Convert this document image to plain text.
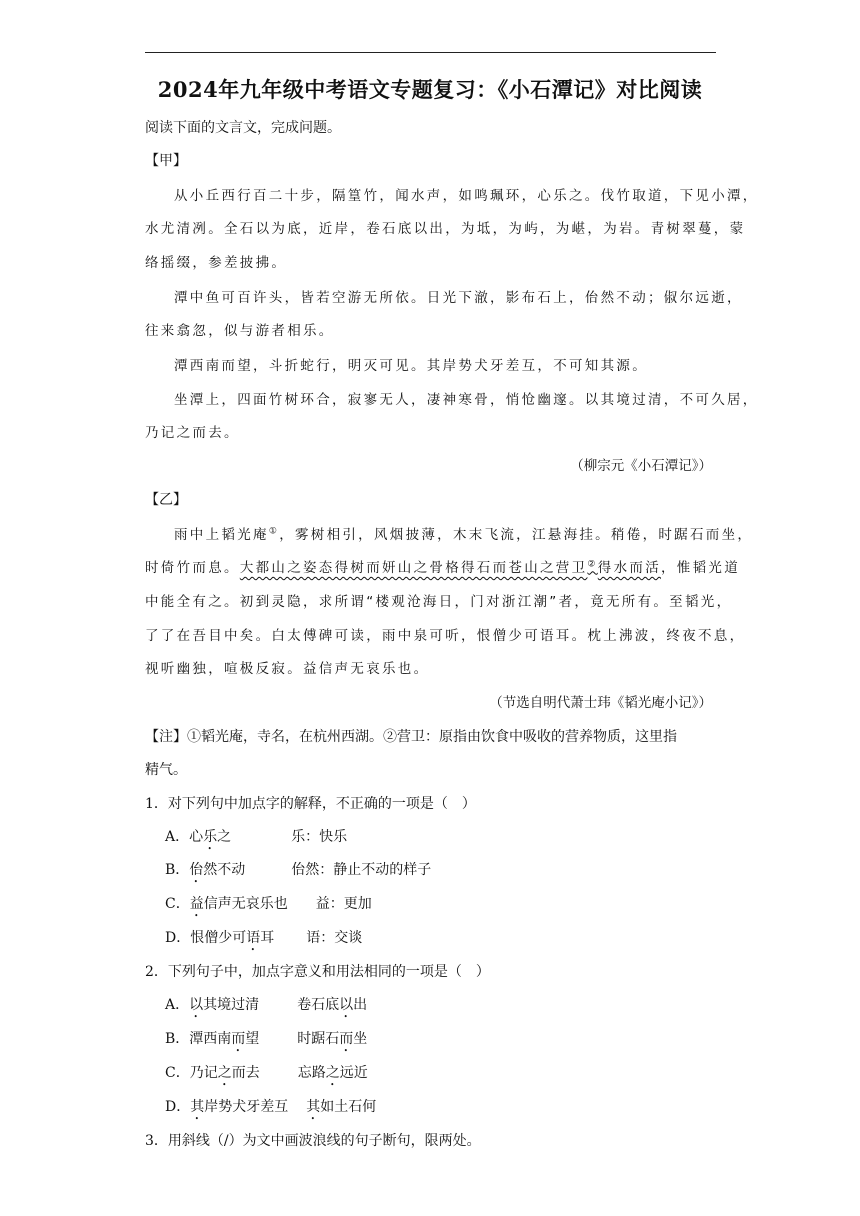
2024年九年级中考语文专题复习：《小石潭记》对比阅读
阅读下面的文言文，完成问题。
【甲】
从小丘西行百二十步，隔篁竹，闻水声，如鸣珮环，心乐之。伐竹取道，下见小潭，
水尤清冽。全石以为底，近岸，卷石底以出，为坻，为屿，为嵁，为岩。青树翠蔓，蒙
络摇缀，参差披拂。
潭中鱼可百许头，皆若空游无所依。日光下澈，影布石上，佁然不动；俶尔远逝，
往来翕忽，似与游者相乐。
潭西南而望，斗折蛇行，明灭可见。其岸势犬牙差互，不可知其源。
坐潭上，四面竹树环合，寂寥无人，凄神寒骨，悄怆幽邃。以其境过清，不可久居，
乃记之而去。
（柳宗元《小石潭记》）
【乙】
雨中上韬光庵①，雾树相引，风烟披薄，木末飞流，江悬海挂。稍倦，时踞石而坐，
时倚竹而息。大都山之姿态得树而妍山之骨格得石而苍山之营卫②得水而活，惟韬光道
中能全有之。初到灵隐，求所谓“楼观沧海日，门对浙江潮”者，竟无所有。至韬光，
了了在吾目中矣。白太傅碑可读，雨中泉可听，恨僧少可语耳。枕上沸波，终夜不息，
视听幽独，喧极反寂。益信声无哀乐也。
（节选自明代萧士玮《韬光庵小记》）
【注】①韬光庵，寺名，在杭州西湖。②营卫：原指由饮食中吸收的营养物质，这里指
精气。
1．对下列句中加点字的解释，不正确的一项是（　）
A．心乐之	乐：快乐
B．佁然不动	佁然：静止不动的样子
C．益信声无哀乐也 益：更加
D．恨僧少可语耳 语：交谈
2．下列句子中，加点字意义和用法相同的一项是（　）
A．以其境过清	卷石底以出
B．潭西南而望	时踞石而坐
C．乃记之而去	忘路之远近
D．其岸势犬牙差互 其如土石何
3．用斜线（/）为文中画波浪线的句子断句，限两处。
